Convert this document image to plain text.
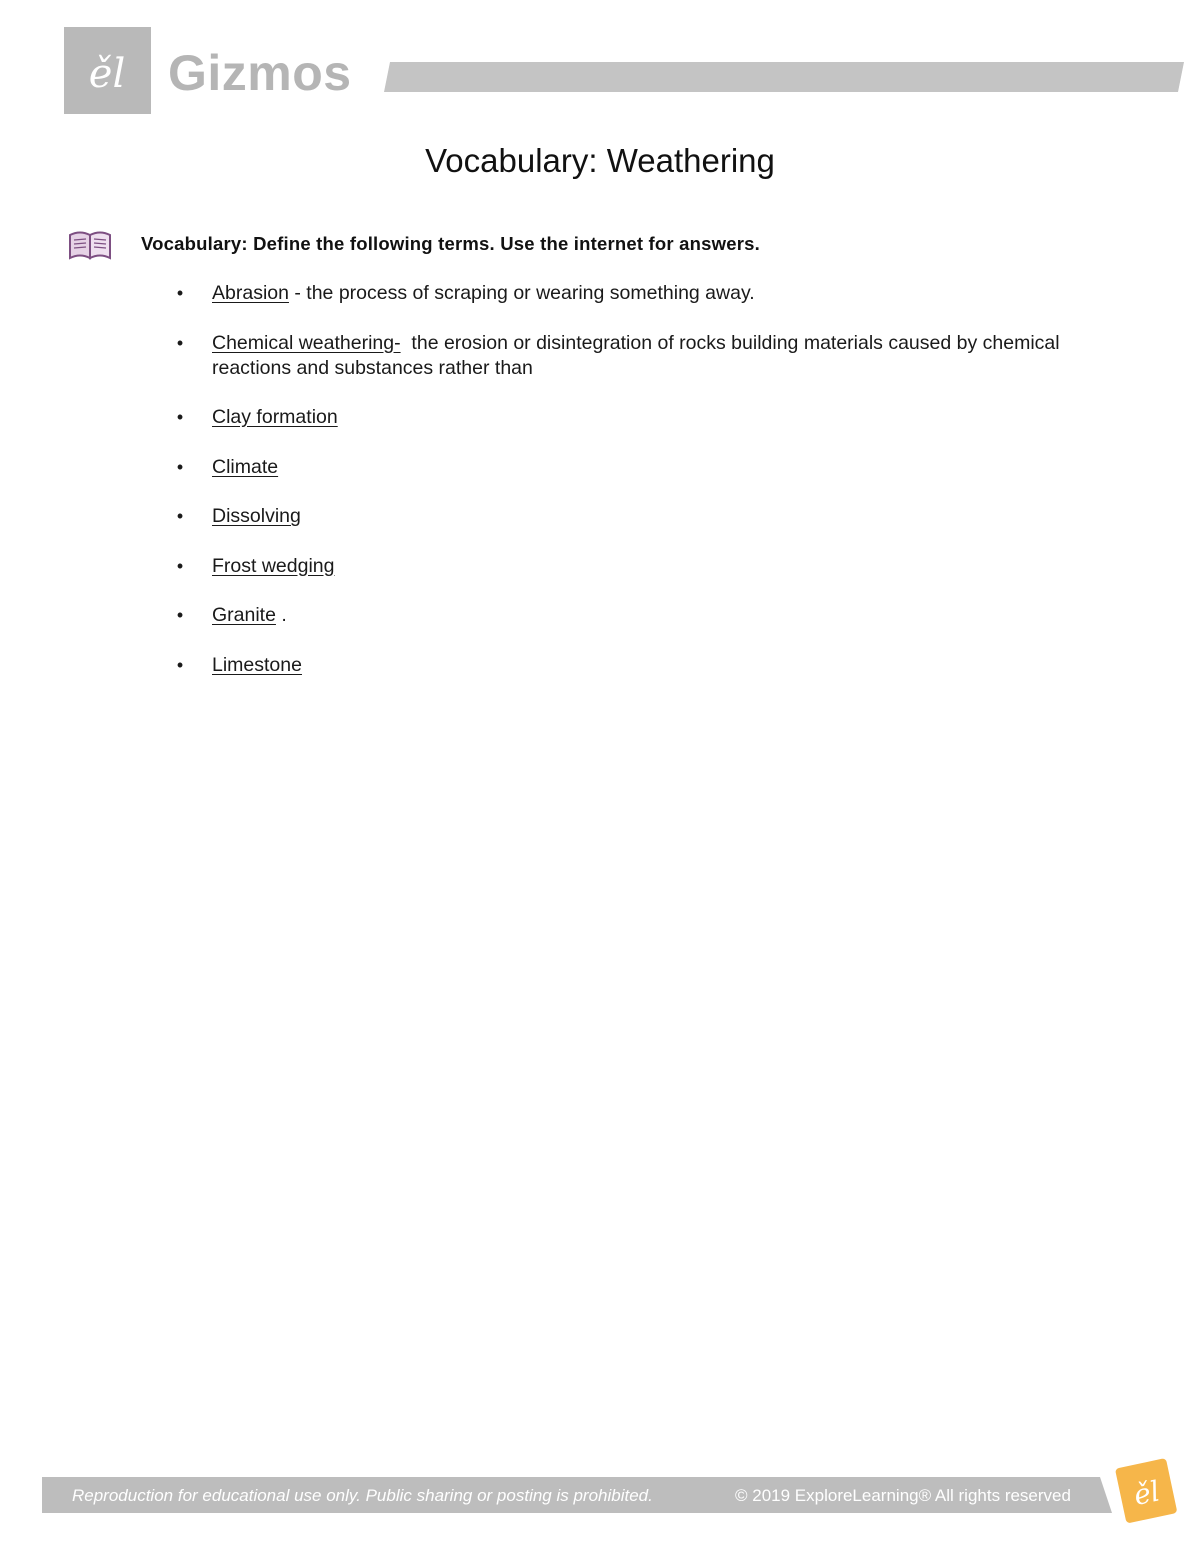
ěl Gizmos
Vocabulary: Weathering
Vocabulary: Define the following terms. Use the internet for answers.
• Abrasion - the process of scraping or wearing something away.
• Chemical weathering-  the erosion or disintegration of rocks building materials caused by chemical reactions and substances rather than
• Clay formation
• Climate
• Dissolving
• Frost wedging
• Granite .
• Limestone
Reproduction for educational use only. Public sharing or posting is prohibited.	© 2019 ExploreLearning® All rights reserved ěl
